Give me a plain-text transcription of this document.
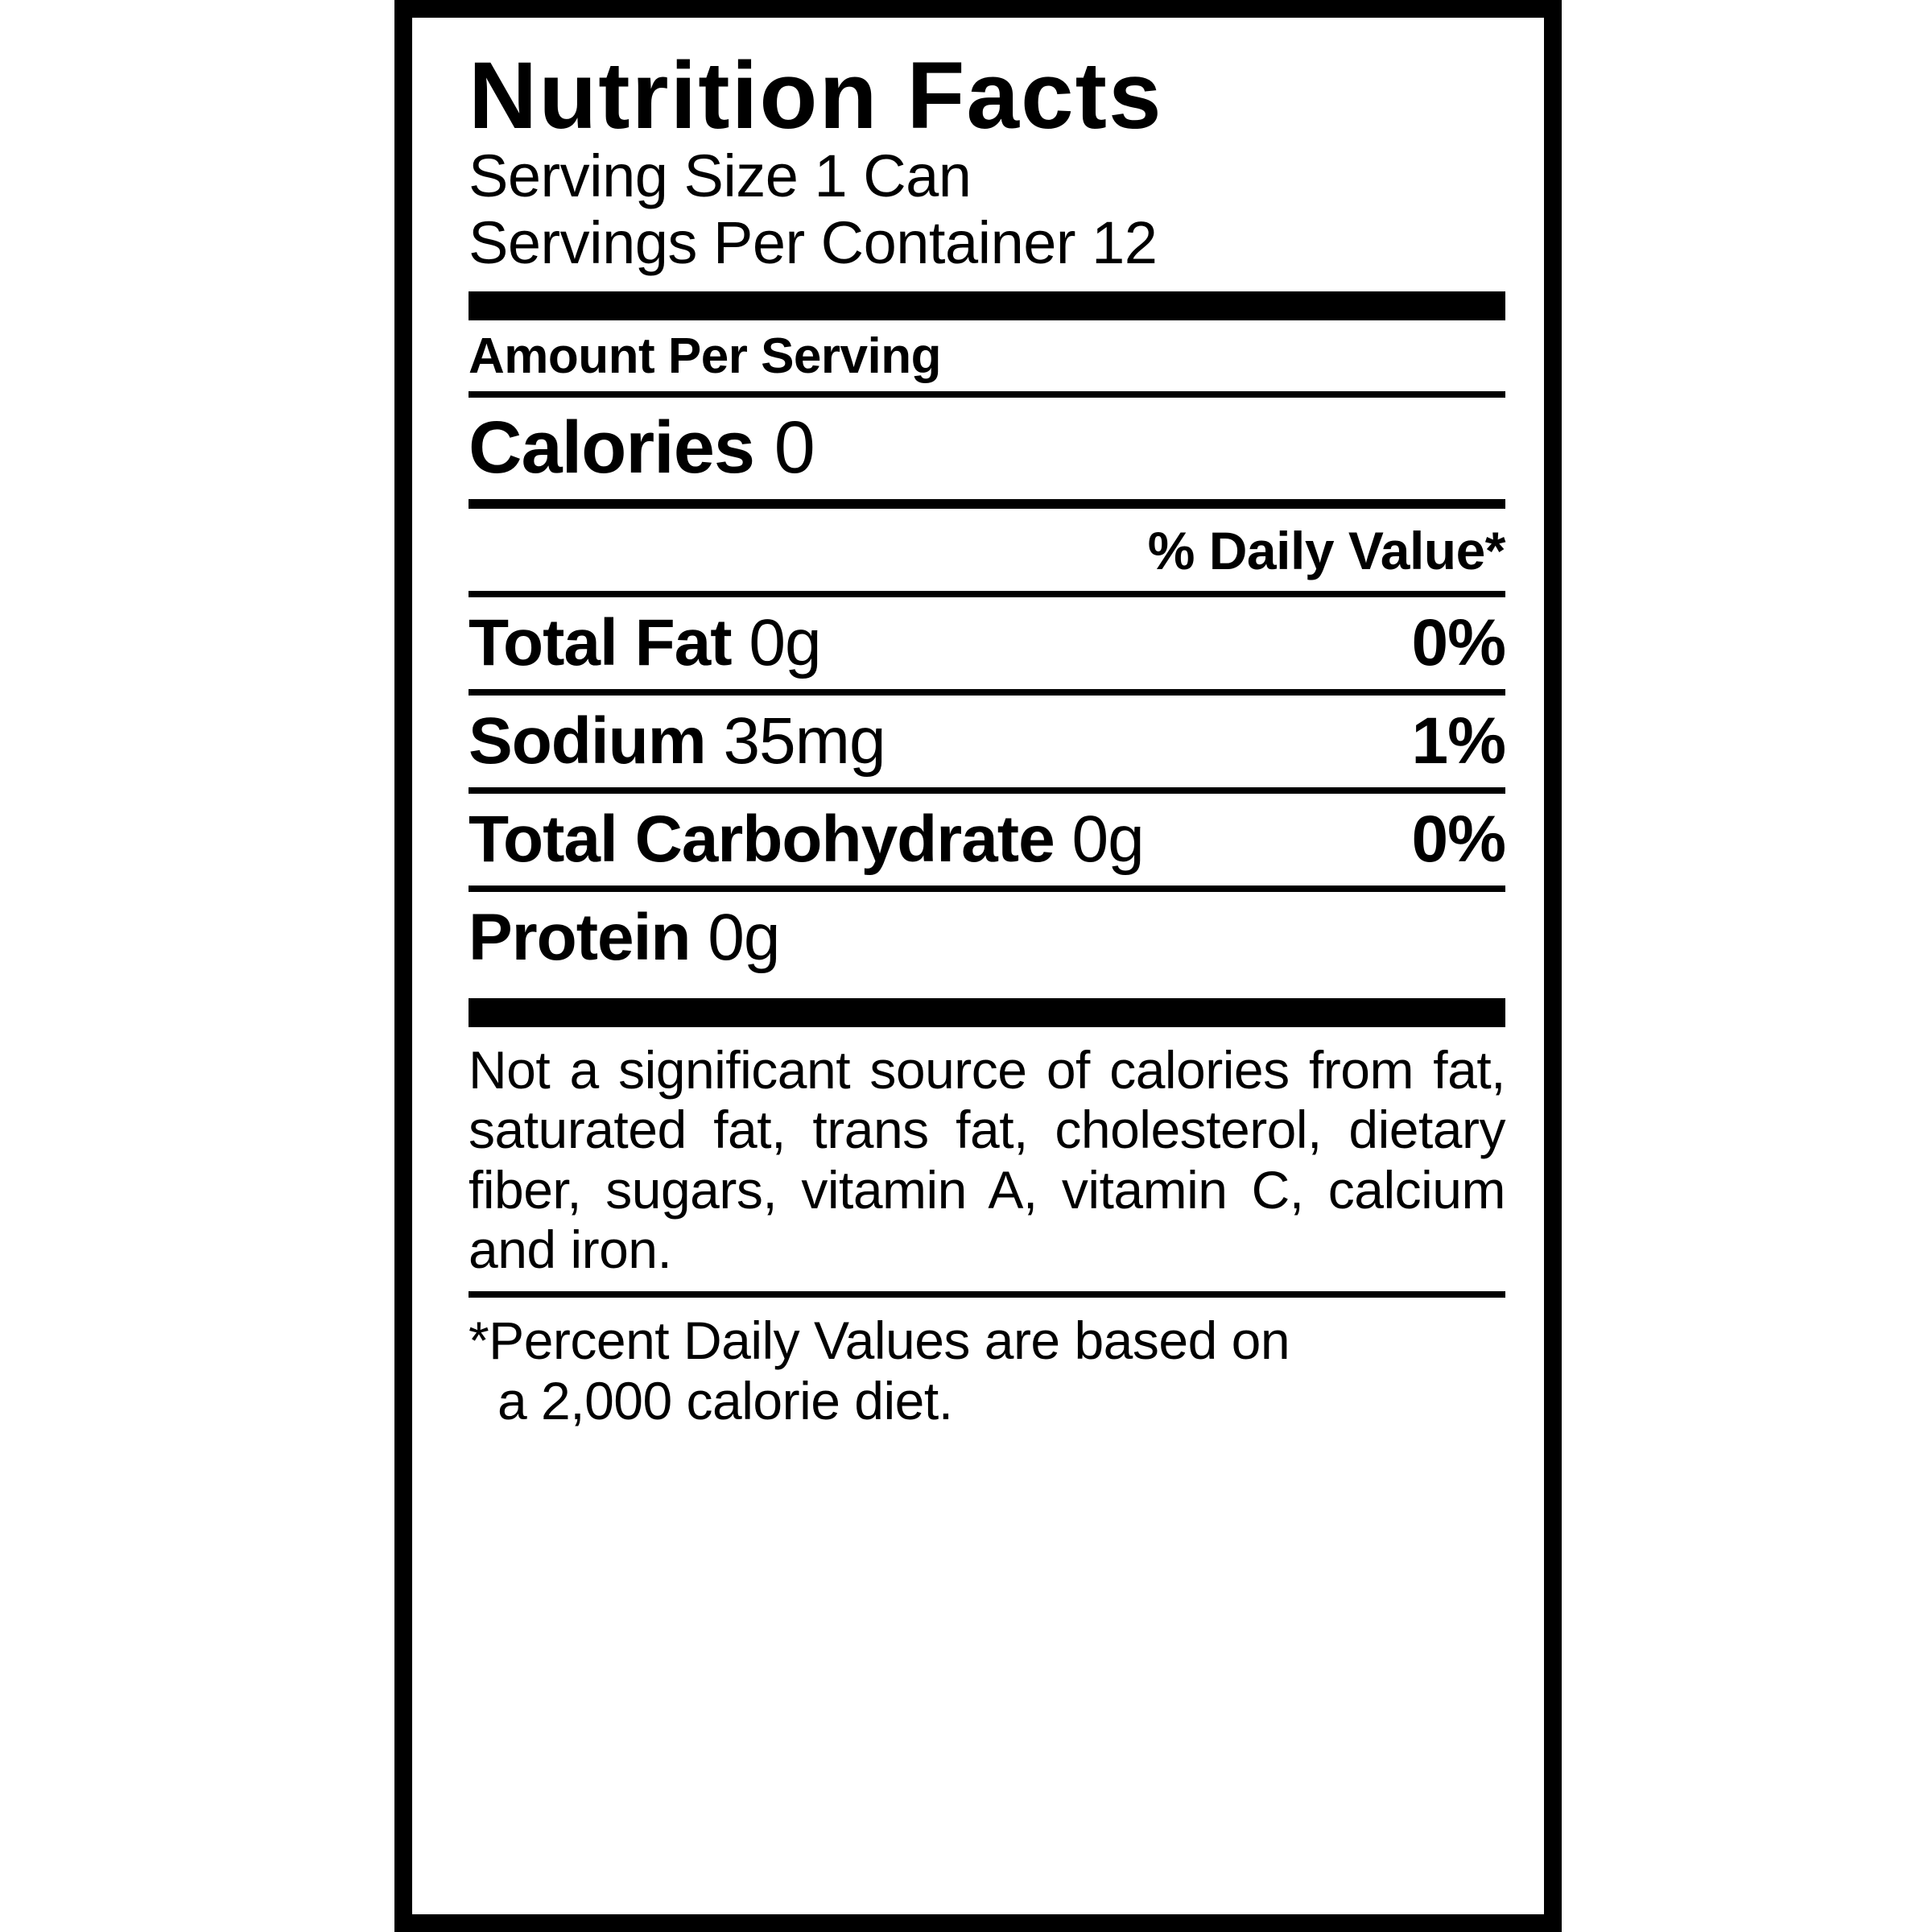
Nutrition Facts
Serving Size 1 Can
Servings Per Container 12
Amount Per Serving
Calories 0
% Daily Value*
Total Fat 0g	0%
Sodium 35mg	1%
Total Carbohydrate 0g	0%
Protein 0g
Not a significant source of calories from fat, saturated fat, trans fat, cholesterol, dietary fiber, sugars, vitamin A, vitamin C, calcium and iron.
*Percent Daily Values are based on
a 2,000 calorie diet.
